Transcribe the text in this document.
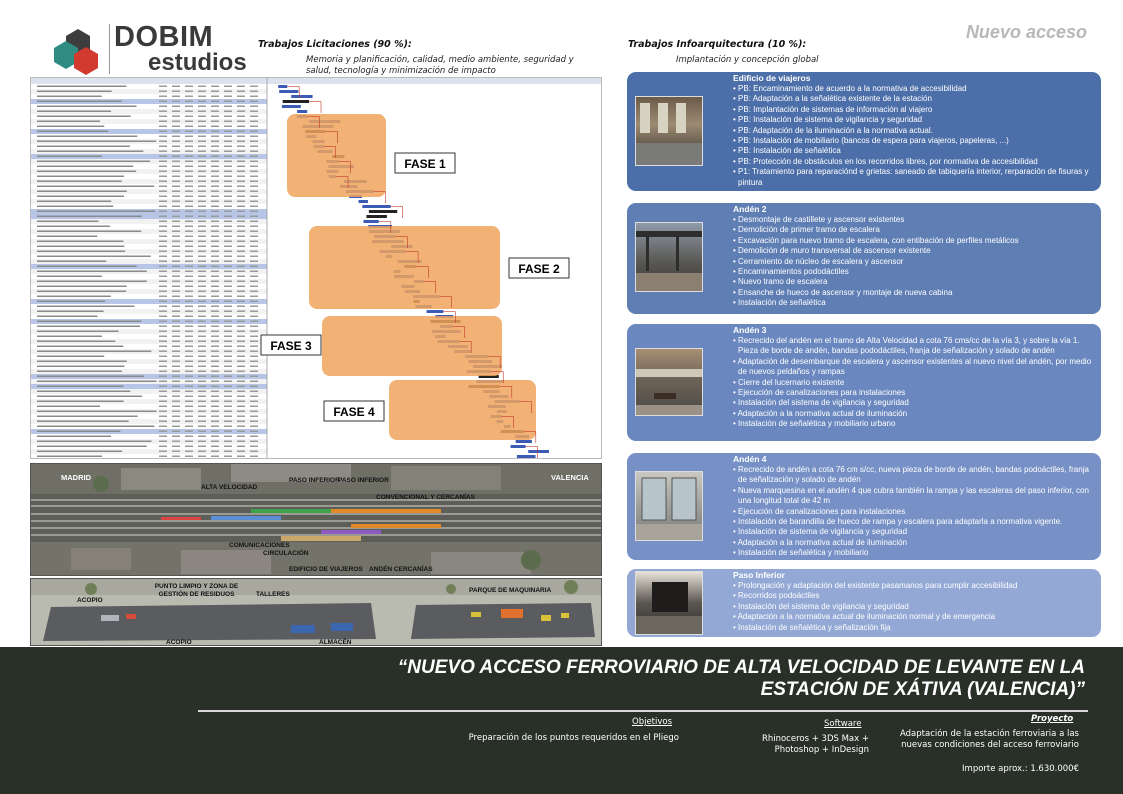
DOBIM
estudios
Trabajos Licitaciones (90 %):
Memoria y planificación, calidad, medio ambiente, seguridad y salud, tecnología y minimización de impacto
Trabajos Infoarquitectura (10 %):
Implantación y concepción global
Nuevo acceso
FASE 1
FASE 2
FASE 3
FASE 4
MADRID	VALENCIA
ALTA VELOCIDAD
PASO INFERIOR
PASO INFERIOR
CONVENCIONAL Y CERCANÍAS
COMUNICACIONES
CIRCULACIÓN
EDIFICIO DE VIAJEROS ANDÉN CERCANÍAS
ACOPIO
PUNTO LIMPIO Y ZONA DE GESTIÓN DE RESIDUOS	TALLERES
PARQUE DE MAQUINARIA
ACOPIO	ALMACÉN
Edificio de viajeros
• PB: Encaminamiento de acuerdo a la normativa de accesibilidad
• PB: Adaptación a la señalética existente de la estación
• PB: Implantación de sistemas de información al viajero
• PB: Instalación de sistema de vigilancia y seguridad
• PB: Adaptación de la iluminación a la normativa actual.
• PB: Instalación de mobiliario (bancos de espera para viajeros, papeleras, ...)
• PB: Instalación de señalética
• PB: Protección de obstáculos en los recorridos libres, por normativa de accesibilidad
• P1: Tratamiento para reparaciónd e grietas: saneado de tabiquería interior, rerparación de fisuras y pintura
Andén 2
• Desmontaje de castillete y ascensor existentes
• Demolición de primer tramo de escalera
• Excavación para nuevo tramo de escalera, con entibación de perfiles metálicos
• Demolición de muro transversal de ascensor existente
• Cerramiento de núcleo de escalera y ascensor
• Encaminamientos pododáctiles
• Nuevo tramo de escalera
• Ensanche de hueco de ascensor y montaje de nueva cabina
• Instalación de señalética
Andén 3
• Recrecido del andén en el tramo de Alta Velocidad a cota 76 cms/cc de la vía 3, y sobre la vía 1. Pieza de borde de andén, bandas pododáctiles, franja de señalización y solado de andén
• Adaptación de desembarque de escalera y ascensor existentes al nuevo nivel del andén, por medio de nuevos peldaños y rampas
• Cierre del lucernario existente
• Ejecución de canalizaciones para instalaciones
• Instalación del sistema de vigilancia y seguridad
• Adaptación a la normativa actual de iluminación
• Instalación de señalética y mobiliario urbano
Andén 4
• Recrecido de andén a cota 76 cm s/cc, nueva pieza de borde de andén, bandas podoáctiles, franja de señalización y solado de andén
• Nueva marquesina en el andén 4 que cubra también la rampa y las escaleras del paso inferior, con una longitud total de 42 m
• Ejecución de canalizaciones para instalaciones
• Instalación de barandilla de hueco de rampa y escalera para adaptarla a normativa vigente.
• Instalación de sistema de vigilancia y seguridad
• Adaptación a la normativa actual de iluminación
• Instalación de señalética y mobiliario
Paso Inferior
• Prolongación y adaptación del existente pasamanos para cumplir accesibilidad
• Recorridos podoáctiles
• Instalación del sistema de vigilancia y seguridad
• Adaptación a la normativa actual de iluminación normal y de emergencia
• Instalación de señalética y señalización fija
“NUEVO ACCESO FERROVIARIO DE ALTA VELOCIDAD DE LEVANTE EN LA
ESTACIÓN DE XÁTIVA (VALENCIA)”
Objetivos
Preparación de los puntos requeridos en el Pliego
Software
Rhinoceros + 3DS Max +
Photoshop + InDesign
Proyecto
Adaptación de la estación ferroviaria a las
nuevas condiciones del acceso ferroviario
Importe aprox.: 1.630.000€
